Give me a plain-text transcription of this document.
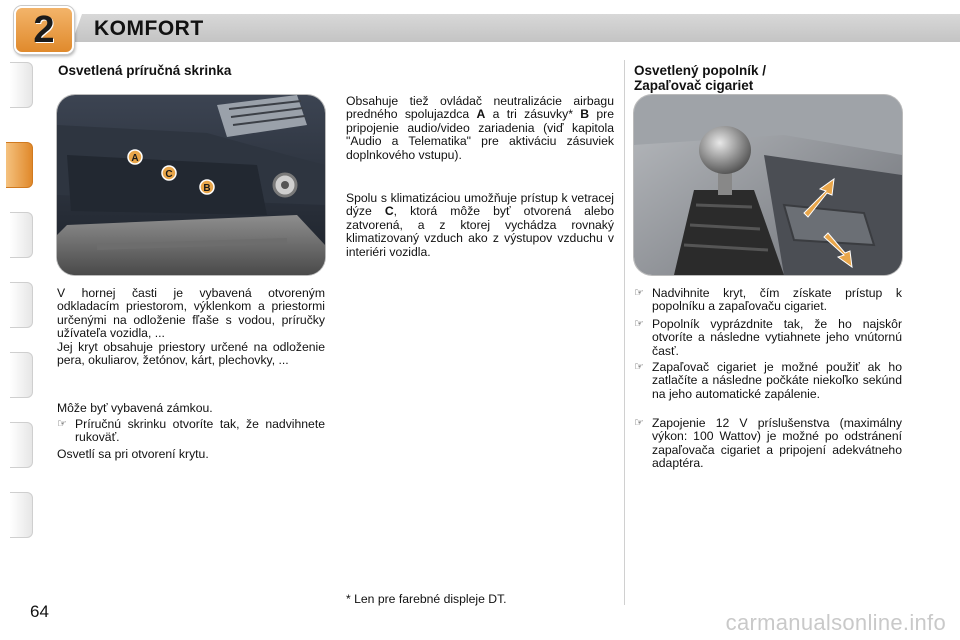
2 KOMFORT
Osvetlená príručná skrinka
A
C
B

V hornej časti je vybavená otvoreným odkladacím priestorom, výklenkom a priestormi určenými na odloženie fľaše s vodou, príručky užívateľa vozidla, ...

Jej kryt obsahuje priestory určené na odloženie pera, okuliarov, žetónov, kárt, plechovky, ...

Môže byť vybavená zámkou.

☞ Príručnú skrinku otvoríte tak, že nadvihnete rukoväť.

Osvetlí sa pri otvorení krytu.

Obsahuje tiež ovládač neutralizácie airbagu predného spolujazdca A a tri zásuvky* B pre pripojenie audio/video zariadenia (viď kapitola "Audio a Telematika" pre aktiváciu zásuviek doplnkového vstupu).

Spolu s klimatizáciou umožňuje prístup k vetracej dýze C, ktorá môže byť otvorená alebo zatvorená, a z ktorej vychádza rovnaký klimatizovaný vzduch ako z výstupov vzduchu v interiéri vozidla.

Osvetlený popolník /
Zapaľovač cigariet
☞ Nadvihnite kryt, čím získate prístup k popolníku a zapaľovaču cigariet.
☞ Popolník vyprázdnite tak, že ho najskôr otvoríte a následne vytiahnete jeho vnútornú časť.
☞ Zapaľovač cigariet je možné použiť ak ho zatlačíte a následne počkáte niekoľko sekúnd na jeho automatické zapálenie.
☞ Zapojenie 12 V príslušenstva (maximálny výkon: 100 Wattov) je možné po odstránení zapaľovača cigariet a pripojení adekvátneho adaptéra.
* Len pre farebné displeje DT.
64	carmanualsonline.info
